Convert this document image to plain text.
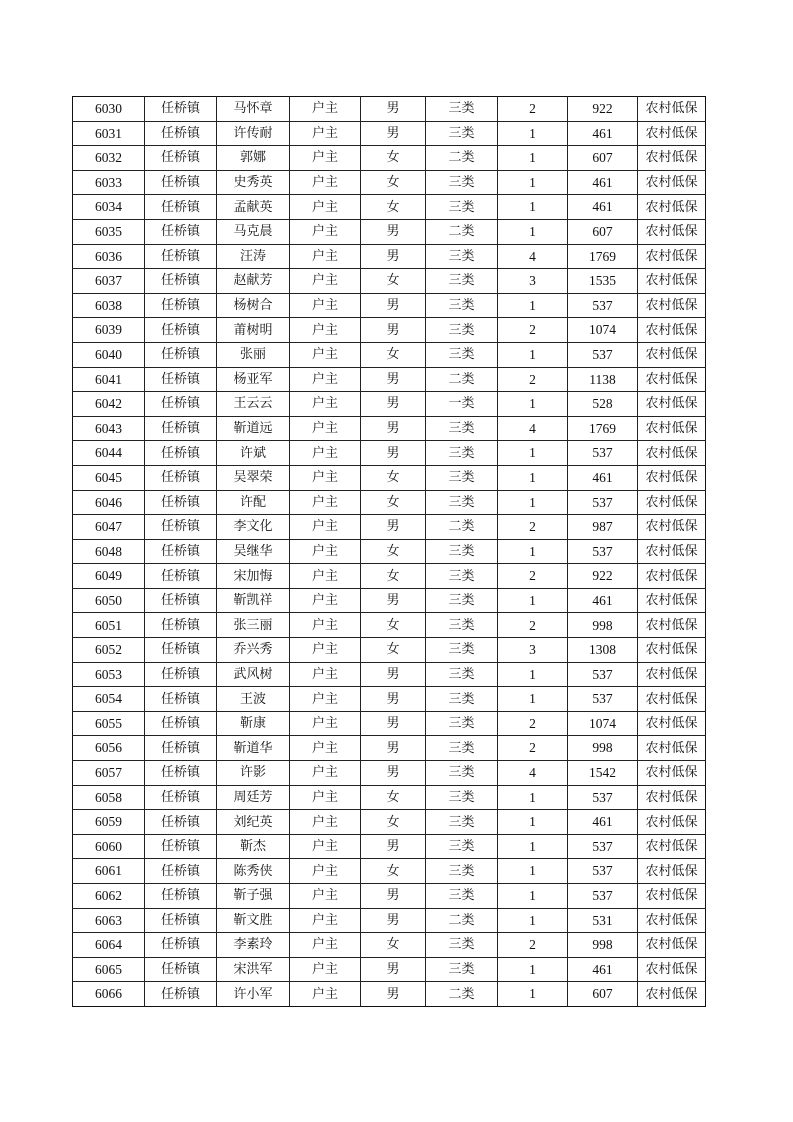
6030	任桥镇	马怀章	户主	男	三类	2	922	农村低保
6031	任桥镇	许传耐	户主	男	三类	1	461	农村低保
6032	任桥镇	郭娜	户主	女	二类	1	607	农村低保
6033	任桥镇	史秀英	户主	女	三类	1	461	农村低保
6034	任桥镇	孟献英	户主	女	三类	1	461	农村低保
6035	任桥镇	马克晨	户主	男	二类	1	607	农村低保
6036	任桥镇	汪涛	户主	男	三类	4	1769	农村低保
6037	任桥镇	赵献芳	户主	女	三类	3	1535	农村低保
6038	任桥镇	杨树合	户主	男	三类	1	537	农村低保
6039	任桥镇	莆树明	户主	男	三类	2	1074	农村低保
6040	任桥镇	张丽	户主	女	三类	1	537	农村低保
6041	任桥镇	杨亚军	户主	男	二类	2	1138	农村低保
6042	任桥镇	王云云	户主	男	一类	1	528	农村低保
6043	任桥镇	靳道远	户主	男	三类	4	1769	农村低保
6044	任桥镇	许斌	户主	男	三类	1	537	农村低保
6045	任桥镇	吴翠荣	户主	女	三类	1	461	农村低保
6046	任桥镇	许配	户主	女	三类	1	537	农村低保
6047	任桥镇	李文化	户主	男	二类	2	987	农村低保
6048	任桥镇	吴继华	户主	女	三类	1	537	农村低保
6049	任桥镇	宋加悔	户主	女	三类	2	922	农村低保
6050	任桥镇	靳凯祥	户主	男	三类	1	461	农村低保
6051	任桥镇	张三丽	户主	女	三类	2	998	农村低保
6052	任桥镇	乔兴秀	户主	女	三类	3	1308	农村低保
6053	任桥镇	武风树	户主	男	三类	1	537	农村低保
6054	任桥镇	王波	户主	男	三类	1	537	农村低保
6055	任桥镇	靳康	户主	男	三类	2	1074	农村低保
6056	任桥镇	靳道华	户主	男	三类	2	998	农村低保
6057	任桥镇	许影	户主	男	三类	4	1542	农村低保
6058	任桥镇	周廷芳	户主	女	三类	1	537	农村低保
6059	任桥镇	刘纪英	户主	女	三类	1	461	农村低保
6060	任桥镇	靳杰	户主	男	三类	1	537	农村低保
6061	任桥镇	陈秀侠	户主	女	三类	1	537	农村低保
6062	任桥镇	靳子强	户主	男	三类	1	537	农村低保
6063	任桥镇	靳文胜	户主	男	二类	1	531	农村低保
6064	任桥镇	李素玲	户主	女	三类	2	998	农村低保
6065	任桥镇	宋洪军	户主	男	三类	1	461	农村低保
6066	任桥镇	许小军	户主	男	二类	1	607	农村低保
